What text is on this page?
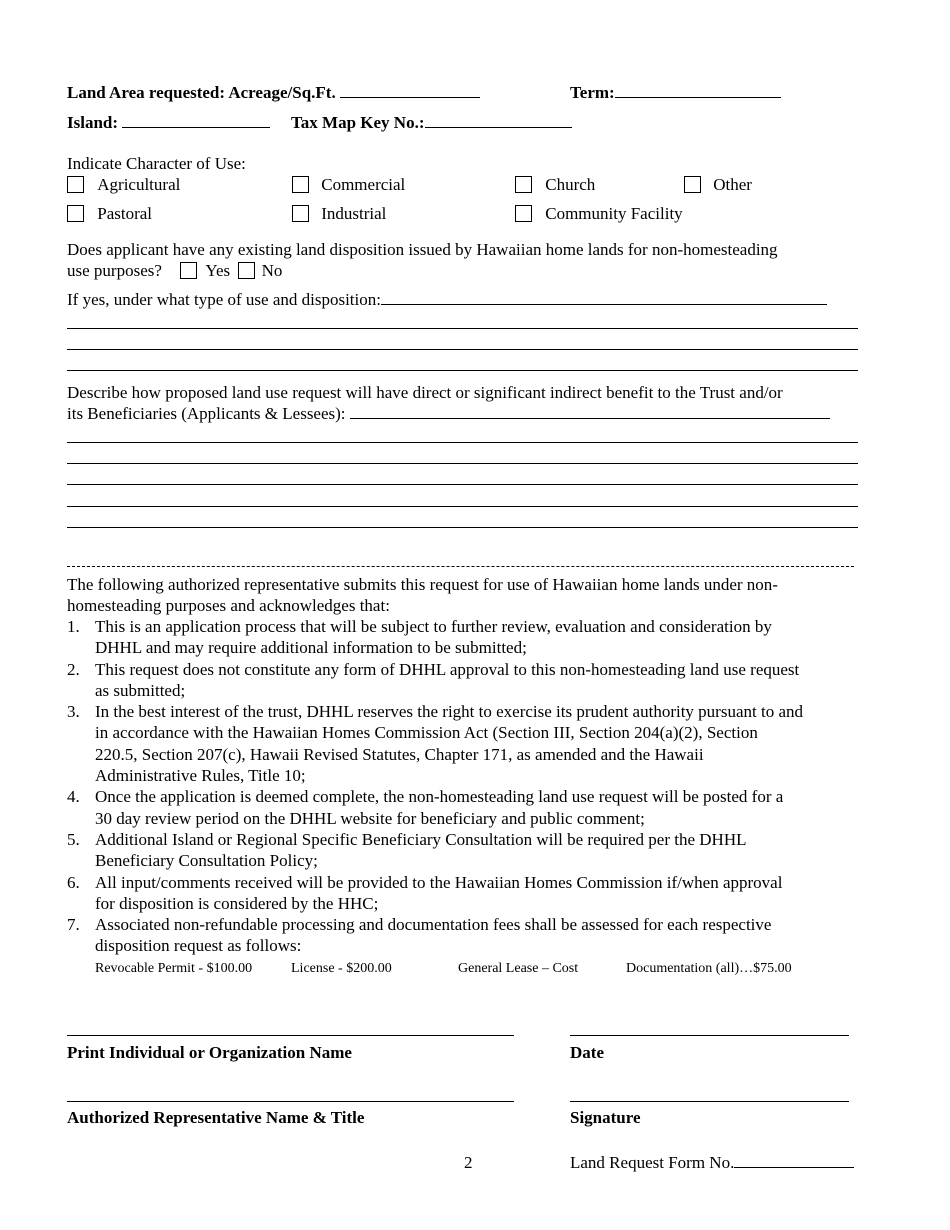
Land Area requested: Acreage/Sq.Ft.	Term:
Island:	Tax Map Key No.:
Indicate Character of Use:
Agricultural	Commercial	Church	Other
Pastoral	Industrial	Community Facility
Does applicant have any existing land disposition issued by Hawaiian home lands for non-homesteading
use purposes?	Yes No
If yes, under what type of use and disposition:
Describe how proposed land use request will have direct or significant indirect benefit to the Trust and/or
its Beneficiaries (Applicants & Lessees):
The following authorized representative submits this request for use of Hawaiian home lands under non-
homesteading purposes and acknowledges that:
1. This is an application process that will be subject to further review, evaluation and consideration by
DHHL and may require additional information to be submitted;
2. This request does not constitute any form of DHHL approval to this non-homesteading land use request
as submitted;
3. In the best interest of the trust, DHHL reserves the right to exercise its prudent authority pursuant to and
in accordance with the Hawaiian Homes Commission Act (Section III, Section 204(a)(2), Section
220.5, Section 207(c), Hawaii Revised Statutes, Chapter 171, as amended and the Hawaii
Administrative Rules, Title 10;
4. Once the application is deemed complete, the non-homesteading land use request will be posted for a
30 day review period on the DHHL website for beneficiary and public comment;
5. Additional Island or Regional Specific Beneficiary Consultation will be required per the DHHL
Beneficiary Consultation Policy;
6. All input/comments received will be provided to the Hawaiian Homes Commission if/when approval
for disposition is considered by the HHC;
7. Associated non-refundable processing and documentation fees shall be assessed for each respective
disposition request as follows:
Revocable Permit - $100.00	License - $200.00	General Lease – Cost	Documentation (all)…$75.00
Print Individual or Organization Name	Date
Authorized Representative Name & Title	Signature
2	Land Request Form No.
